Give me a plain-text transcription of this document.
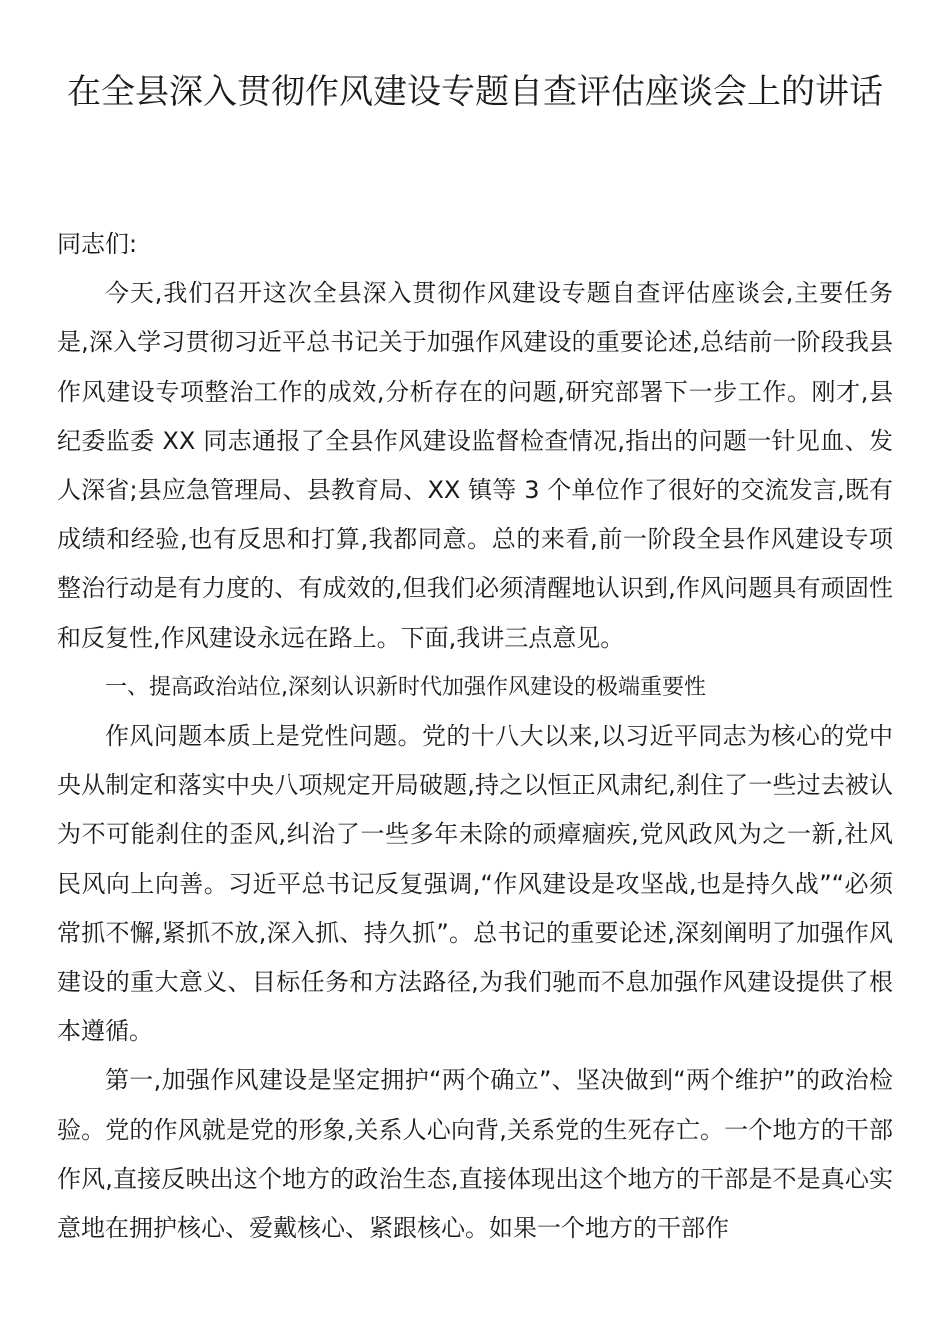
在全县深入贯彻作风建设专题自查评估座谈会上的讲话

同志们:

今天,我们召开这次全县深入贯彻作风建设专题自查评估座谈会,主要任务是,深入学习贯彻习近平总书记关于加强作风建设的重要论述,总结前一阶段我县作风建设专项整治工作的成效,分析存在的问题,研究部署下一步工作。刚才,县纪委监委 XX 同志通报了全县作风建设监督检查情况,指出的问题一针见血、发人深省;县应急管理局、县教育局、XX 镇等 3 个单位作了很好的交流发言,既有成绩和经验,也有反思和打算,我都同意。总的来看,前一阶段全县作风建设专项整治行动是有力度的、有成效的,但我们必须清醒地认识到,作风问题具有顽固性和反复性,作风建设永远在路上。下面,我讲三点意见。

一、提高政治站位,深刻认识新时代加强作风建设的极端重要性

作风问题本质上是党性问题。党的十八大以来,以习近平同志为核心的党中央从制定和落实中央八项规定开局破题,持之以恒正风肃纪,刹住了一些过去被认为不可能刹住的歪风,纠治了一些多年未除的顽瘴痼疾,党风政风为之一新,社风民风向上向善。习近平总书记反复强调,“作风建设是攻坚战,也是持久战”“必须常抓不懈,紧抓不放,深入抓、持久抓”。总书记的重要论述,深刻阐明了加强作风建设的重大意义、目标任务和方法路径,为我们驰而不息加强作风建设提供了根本遵循。

第一,加强作风建设是坚定拥护“两个确立”、坚决做到“两个维护”的政治检验。党的作风就是党的形象,关系人心向背,关系党的生死存亡。一个地方的干部作风,直接反映出这个地方的政治生态,直接体现出这个地方的干部是不是真心实意地在拥护核心、爱戴核心、紧跟核心。如果一个地方的干部作
